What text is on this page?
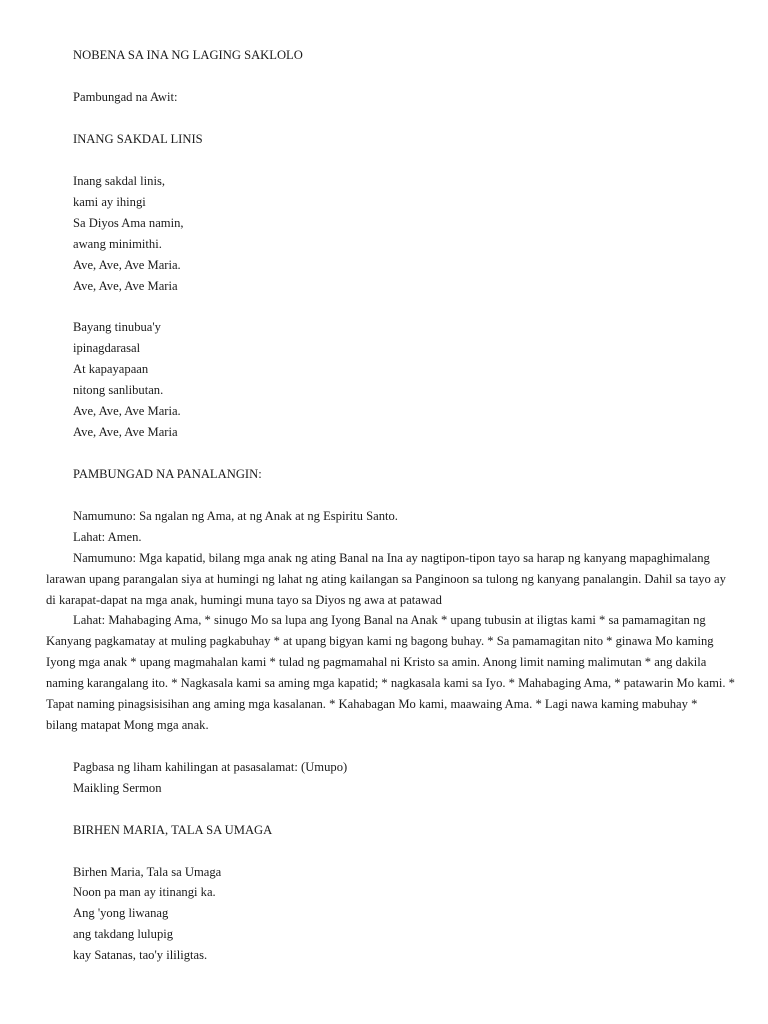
NOBENA SA INA NG LAGING SAKLOLO
Pambungad na Awit:
INANG SAKDAL LINIS
Inang sakdal linis,
kami ay ihingi
Sa Diyos Ama namin,
awang minimithi.
Ave, Ave, Ave Maria.
Ave, Ave, Ave Maria
Bayang tinubua'y
ipinagdarasal
At kapayapaan
nitong sanlibutan.
Ave, Ave, Ave Maria.
Ave, Ave, Ave Maria
PAMBUNGAD NA PANALANGIN:
Namumuno: Sa ngalan ng Ama, at ng Anak at ng Espiritu Santo.
Lahat: Amen.
Namumuno: Mga kapatid, bilang mga anak ng ating Banal na Ina ay nagtipon-tipon tayo sa harap ng kanyang mapaghimalang
larawan upang parangalan siya at humingi ng lahat ng ating kailangan sa Panginoon sa tulong ng kanyang panalangin. Dahil sa tayo ay
di karapat-dapat na mga anak, humingi muna tayo sa Diyos ng awa at patawad
Lahat: Mahabaging Ama, * sinugo Mo sa lupa ang Iyong Banal na Anak * upang tubusin at iligtas kami * sa pamamagitan ng
Kanyang pagkamatay at muling pagkabuhay * at upang bigyan kami ng bagong buhay. * Sa pamamagitan nito * ginawa Mo kaming
Iyong mga anak * upang magmahalan kami * tulad ng pagmamahal ni Kristo sa amin. Anong limit naming malimutan * ang dakila
naming karangalang ito. * Nagkasala kami sa aming mga kapatid; * nagkasala kami sa Iyo. * Mahabaging Ama, * patawarin Mo kami. *
Tapat naming pinagsisisihan ang aming mga kasalanan. * Kahabagan Mo kami, maawaing Ama. * Lagi nawa kaming mabuhay *
bilang matapat Mong mga anak.
Pagbasa ng liham kahilingan at pasasalamat: (Umupo)
Maikling Sermon
BIRHEN MARIA, TALA SA UMAGA
Birhen Maria, Tala sa Umaga
Noon pa man ay itinangi ka.
Ang 'yong liwanag
ang takdang lulupig
kay Satanas, tao'y ililigtas.
